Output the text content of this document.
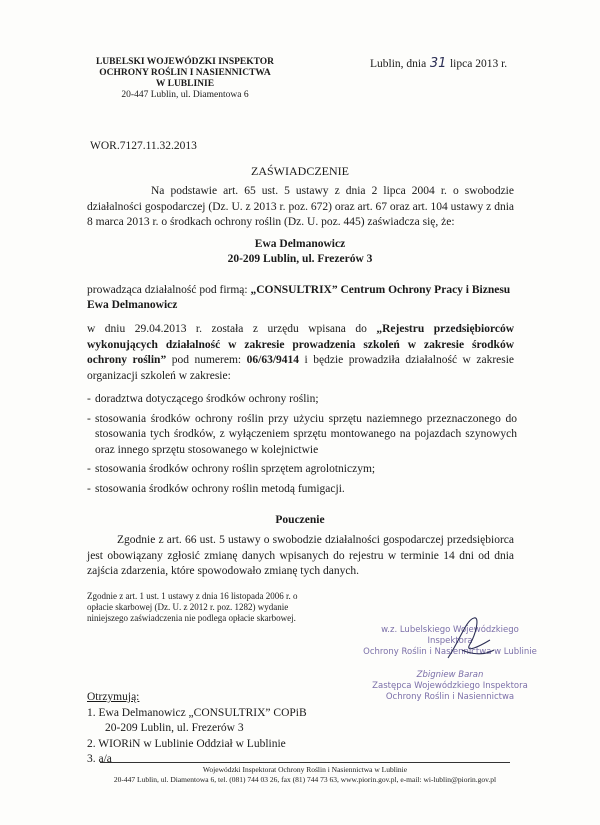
LUBELSKI WOJEWÓDZKI INSPEKTOR
OCHRONY ROŚLIN I NASIENNICTWA
W LUBLINIE
20-447 Lublin, ul. Diamentowa 6
Lublin, dnia 31 lipca 2013 r.
WOR.7127.11.32.2013
ZAŚWIADCZENIE
Na podstawie art. 65 ust. 5 ustawy z dnia 2 lipca 2004 r. o swobodzie działalności gospodarczej (Dz. U. z 2013 r. poz. 672) oraz art. 67 oraz art. 104 ustawy z dnia 8 marca 2013 r. o środkach ochrony roślin (Dz. U. poz. 445) zaświadcza się, że:
Ewa Delmanowicz
20-209 Lublin, ul. Frezerów 3
prowadząca działalność pod firmą: „CONSULTRIX” Centrum Ochrony Pracy i Biznesu
Ewa Delmanowicz
w dniu 29.04.2013 r. została z urzędu wpisana do „Rejestru przedsiębiorców wykonujących działalność w zakresie prowadzenia szkoleń w zakresie środków ochrony roślin” pod numerem: 06/63/9414 i będzie prowadziła działalność w zakresie organizacji szkoleń w zakresie:
- doradztwa dotyczącego środków ochrony roślin;
- stosowania środków ochrony roślin przy użyciu sprzętu naziemnego przeznaczonego do stosowania tych środków, z wyłączeniem sprzętu montowanego na pojazdach szynowych oraz innego sprzętu stosowanego w kolejnictwie
- stosowania środków ochrony roślin sprzętem agrolotniczym;
- stosowania środków ochrony roślin metodą fumigacji.
Pouczenie
Zgodnie z art. 66 ust. 5 ustawy o swobodzie działalności gospodarczej przedsiębiorca jest obowiązany zgłosić zmianę danych wpisanych do rejestru w terminie 14 dni od dnia zajścia zdarzenia, które spowodowało zmianę tych danych.
Zgodnie z art. 1 ust. 1 ustawy z dnia 16 listopada 2006 r. o opłacie skarbowej (Dz. U. z 2012 r. poz. 1282) wydanie niniejszego zaświadczenia nie podlega opłacie skarbowej.
w.z. Lubelskiego Wojewódzkiego Inspektora
Ochrony Roślin i Nasiennictwa w Lublinie
Zbigniew Baran
Zastępca Wojewódzkiego Inspektora
Ochrony Roślin i Nasiennictwa
Otrzymują:
1. Ewa Delmanowicz „CONSULTRIX” COPiB
20-209 Lublin, ul. Frezerów 3
2. WIORiN w Lublinie Oddział w Lublinie
3. a/a
Wojewódzki Inspektorat Ochrony Roślin i Nasiennictwa w Lublinie
20-447 Lublin, ul. Diamentowa 6, tel. (081) 744 03 26, fax (81) 744 73 63, www.piorin.gov.pl, e-mail: wi-lublin@piorin.gov.pl
